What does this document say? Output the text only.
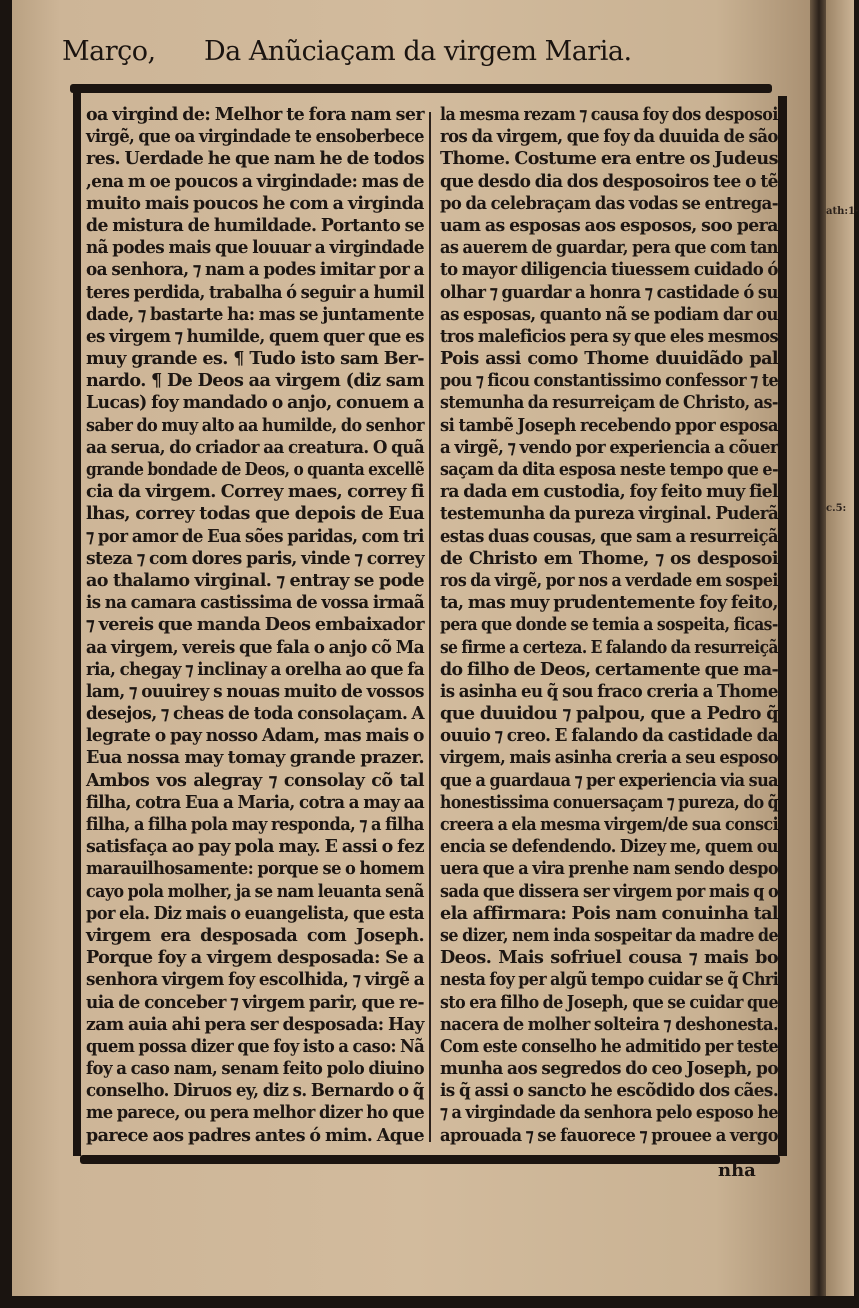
Março, Da Anũciaçam da virgem Maria.
oa virgind de: Melhor te fora nam ser
virgẽ, que oa virgindade te ensoberbece
res. Uerdade he que nam he de todos
,ena m oe poucos a virgindade: mas de
muito mais poucos he com a virginda
de mistura de humildade. Portanto se
nã podes mais que louuar a virgindade
oa senhora, ⁊ nam a podes imitar por a
teres perdida, trabalha ó seguir a humil
dade, ⁊ bastarte ha: mas se juntamente
es virgem ⁊ humilde, quem quer que es
muy grande es. ¶ Tudo isto sam Ber-
nardo. ¶ De Deos aa virgem (diz sam
Lucas) foy mandado o anjo, conuem a
saber do muy alto aa humilde, do senhor
aa serua, do criador aa creatura. O quã
grande bondade de Deos, o quanta excellẽ
cia da virgem. Correy maes, correy fi
lhas, correy todas que depois de Eua
⁊ por amor de Eua sões paridas, com tri
steza ⁊ com dores paris, vinde ⁊ correy
ao thalamo virginal. ⁊ entray se pode
is na camara castissima de vossa irmaã
⁊ vereis que manda Deos embaixador
aa virgem, vereis que fala o anjo cõ Ma
ria, chegay ⁊ inclinay a orelha ao que fa
lam, ⁊ ouuirey s nouas muito de vossos
desejos, ⁊ cheas de toda consolaçam. A
legrate o pay nosso Adam, mas mais o
Eua nossa may tomay grande prazer.
Ambos vos alegray ⁊ consolay cõ tal
filha, cotra Eua a Maria, cotra a may aa
filha, a filha pola may responda, ⁊ a filha
satisfaça ao pay pola may. E assi o fez
marauilhosamente: porque se o homem
cayo pola molher, ja se nam leuanta senã
por ela. Diz mais o euangelista, que esta
virgem era desposada com Joseph.
Porque foy a virgem desposada: Se a
senhora virgem foy escolhida, ⁊ virgẽ a
uia de conceber ⁊ virgem parir, que re-
zam auia ahi pera ser desposada: Hay
quem possa dizer que foy isto a caso: Nã
foy a caso nam, senam feito polo diuino
conselho. Diruos ey, diz s. Bernardo o q̃
me parece, ou pera melhor dizer ho que
parece aos padres antes ó mim. Aque
la mesma rezam ⁊ causa foy dos desposoi
ros da virgem, que foy da duuida de são
Thome. Costume era entre os Judeus
que desdo dia dos desposoiros tee o tẽ
po da celebraçam das vodas se entrega-
uam as esposas aos esposos, soo pera
as auerem de guardar, pera que com tan
to mayor diligencia tiuessem cuidado ó
olhar ⁊ guardar a honra ⁊ castidade ó su
as esposas, quanto nã se podiam dar ou
tros maleficios pera sy que eles mesmos
Pois assi como Thome duuidãdo pal
pou ⁊ ficou constantissimo confessor ⁊ te
stemunha da resurreiçam de Christo, as-
si tambẽ Joseph recebendo ppor esposa
a virgẽ, ⁊ vendo por experiencia a cõuer
saçam da dita esposa neste tempo que e-
ra dada em custodia, foy feito muy fiel
testemunha da pureza virginal. Puderã
estas duas cousas, que sam a resurreiçã
de Christo em Thome, ⁊ os desposoi
ros da virgẽ, por nos a verdade em sospei
ta, mas muy prudentemente foy feito,
pera que donde se temia a sospeita, ficas-
se firme a certeza. E falando da resurreiçã
do filho de Deos, certamente que ma-
is asinha eu q̃ sou fraco creria a Thome
que duuidou ⁊ palpou, que a Pedro q̃
ouuio ⁊ creo. E falando da castidade da
virgem, mais asinha creria a seu esposo
que a guardaua ⁊ per experiencia via sua
honestissima conuersaçam ⁊ pureza, do q̃
creera a ela mesma virgem/de sua consci
encia se defendendo. Dizey me, quem ou
uera que a vira prenhe nam sendo despo
sada que dissera ser virgem por mais q o
ela affirmara: Pois nam conuinha tal
se dizer, nem inda sospeitar da madre de
Deos. Mais sofriuel cousa ⁊ mais bo
nesta foy per algũ tempo cuidar se q̃ Chri
sto era filho de Joseph, que se cuidar que
nacera de molher solteira ⁊ deshonesta.
Com este conselho he admitido per teste
munha aos segredos do ceo Joseph, po
is q̃ assi o sancto he escõdido dos cães.
⁊ a virgindade da senhora pelo esposo he
aprouada ⁊ se fauorece ⁊ prouee a vergo
nha
ath:1·
c.5:
